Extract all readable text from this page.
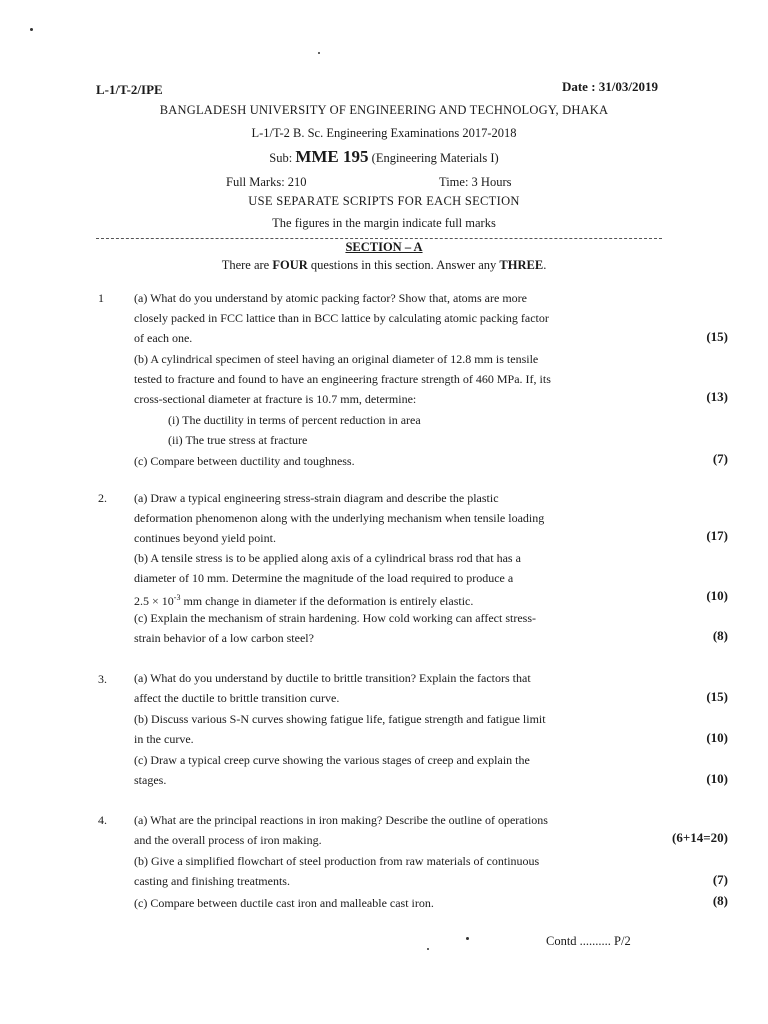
L-1/T-2/IPE	Date : 31/03/2019
BANGLADESH UNIVERSITY OF ENGINEERING AND TECHNOLOGY, DHAKA
L-1/T-2 B. Sc. Engineering Examinations 2017-2018
Sub: MME 195 (Engineering Materials I)
Full Marks: 210	Time: 3 Hours
USE SEPARATE SCRIPTS FOR EACH SECTION
The figures in the margin indicate full marks
SECTION – A
There are FOUR questions in this section. Answer any THREE.
1	(a) What do you understand by atomic packing factor? Show that, atoms are more
closely packed in FCC lattice than in BCC lattice by calculating atomic packing factor
of each one.	(15)
(b) A cylindrical specimen of steel having an original diameter of 12.8 mm is tensile
tested to fracture and found to have an engineering fracture strength of 460 MPa. If, its
cross-sectional diameter at fracture is 10.7 mm, determine:	(13)
(i) The ductility in terms of percent reduction in area
(ii) The true stress at fracture
(c) Compare between ductility and toughness.	(7)
2. (a) Draw a typical engineering stress-strain diagram and describe the plastic
deformation phenomenon along with the underlying mechanism when tensile loading
continues beyond yield point.	(17)
(b) A tensile stress is to be applied along axis of a cylindrical brass rod that has a
diameter of 10 mm. Determine the magnitude of the load required to produce a
$2.5 \times 10^{-3}$ mm change in diameter if the deformation is entirely elastic.	(10)
(c) Explain the mechanism of strain hardening. How cold working can affect stress-
strain behavior of a low carbon steel?	(8)
3. (a) What do you understand by ductile to brittle transition? Explain the factors that
affect the ductile to brittle transition curve.	(15)
(b) Discuss various S-N curves showing fatigue life, fatigue strength and fatigue limit
in the curve.	(10)
(c) Draw a typical creep curve showing the various stages of creep and explain the
stages.	(10)
4. (a) What are the principal reactions in iron making? Describe the outline of operations
and the overall process of iron making.	(6+14=20)
(b) Give a simplified flowchart of steel production from raw materials of continuous
casting and finishing treatments.	(7)
(c) Compare between ductile cast iron and malleable cast iron.	(8)
Contd .......... P/2
